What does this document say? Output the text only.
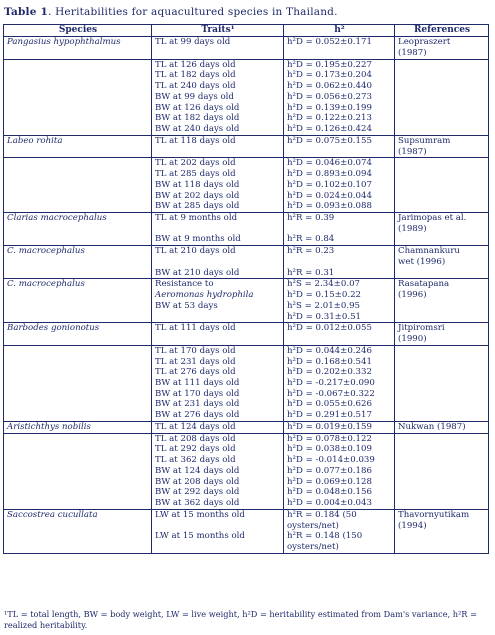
Table 1. Heritabilities for aquacultured species in Thailand.
Species	Traits¹	h²	References
Pangasius hypophthalmus	TL at 99 days old	h²D = 0.052±0.171	Leopraszert
			(1987)
	TL at 126 days old	h²D = 0.195±0.227	
	TL at 182 days old	h²D = 0.173±0.204	
	TL at 240 days old	h²D = 0.062±0.440	
	BW at 99 days old	h²D = 0.056±0.273	
	BW at 126 days old	h²D = 0.139±0.199	
	BW at 182 days old	h²D = 0.122±0.213	
	BW at 240 days old	h²D = 0.126±0.424	
Labeo rohita	TL at 118 days old	h²D = 0.075±0.155	Supsumram
			(1987)
	TL at 202 days old	h²D = 0.046±0.074	
	TL at 285 days old	h²D = 0.893±0.094	
	BW at 118 days old	h²D = 0.102±0.107	
	BW at 202 days old	h²D = 0.024±0.044	
	BW at 285 days old	h²D = 0.093±0.088	
Clarias macrocephalus	TL at 9 months old	h²R = 0.39	Jarimopas et al.
			(1989)
	BW at 9 months old	h²R = 0.84	
C. macrocephalus	TL at 210 days old	h²R = 0.23	Chamnankuru
			wet (1996)
	BW at 210 days old	h²R = 0.31	
C. macrocephalus	Resistance to	h²S = 2.34±0.07	Rasatapana
	Aeromonas hydrophila	h²D = 0.15±0.22	(1996)
	BW at 53 days	h²S = 2.01±0.95	
		h²D = 0.31±0.51	
Barbodes gonionotus	TL at 111 days old	h²D = 0.012±0.055	Jitpiromsri
			(1990)
	TL at 170 days old	h²D = 0.044±0.246	
	TL at 231 days old	h²D = 0.168±0.541	
	TL at 276 days old	h²D = 0.202±0.332	
	BW at 111 days old	h²D = -0.217±0.090	
	BW at 170 days old	h²D = -0.067±0.322	
	BW at 231 days old	h²D = 0.055±0.626	
	BW at 276 days old	h²D = 0.291±0.517	
Aristichthys nobilis	TL at 124 days old	h²D = 0.019±0.159	Nukwan (1987)

	TL at 208 days old	h²D = 0.078±0.122	
	TL at 292 days old	h²D = 0.038±0.109	
	TL at 362 days old	h²D = -0.014±0.039	
	BW at 124 days old	h²D = 0.077±0.186	
	BW at 208 days old	h²D = 0.069±0.128	
	BW at 292 days old	h²D = 0.048±0.156	
	BW at 362 days old	h²D = 0.004±0.043	
Saccostrea cucullata	LW at 15 months old	h²R = 0.184 (50	Thavornyutikam
		oysters/net)	(1994)
	LW at 15 months old	h²R = 0.148 (150	
		oysters/net)	
¹TL = total length, BW = body weight, LW = live weight, h²D = heritability estimated from Dam's variance, h²R = realized heritability.
